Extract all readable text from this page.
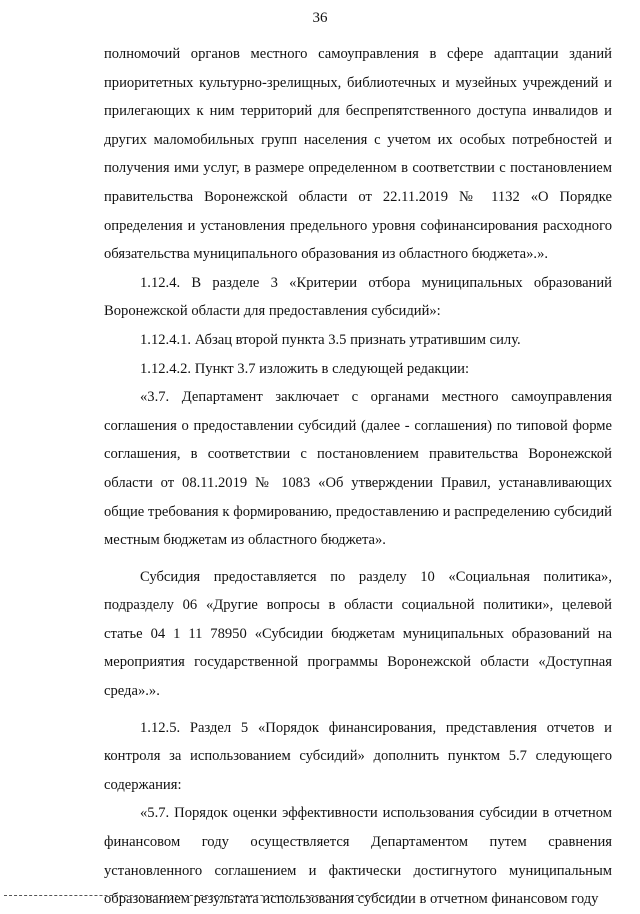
36

полномочий органов местного самоуправления в сфере адаптации зданий приоритетных культурно-зрелищных, библиотечных и музейных учреждений и прилегающих к ним территорий для беспрепятственного доступа инвалидов и других маломобильных групп населения с учетом их особых потребностей и получения ими услуг, в размере определенном в соответствии с постановлением правительства Воронежской области от 22.11.2019 № 1132 «О Порядке определения и установления предельного уровня софинансирования расходного обязательства муниципального образования из областного бюджета».».

1.12.4. В разделе 3 «Критерии отбора муниципальных образований Воронежской области для предоставления субсидий»:

1.12.4.1. Абзац второй пункта 3.5 признать утратившим силу.

1.12.4.2. Пункт 3.7 изложить в следующей редакции:

«3.7. Департамент заключает с органами местного самоуправления соглашения о предоставлении субсидий (далее - соглашения) по типовой форме соглашения, в соответствии с постановлением правительства Воронежской области от 08.11.2019 № 1083 «Об утверждении Правил, устанавливающих общие требования к формированию, предоставлению и распределению субсидий местным бюджетам из областного бюджета».

Субсидия предоставляется по разделу 10 «Социальная политика», подразделу 06 «Другие вопросы в области социальной политики», целевой статье 04 1 11 78950 «Субсидии бюджетам муниципальных образований на мероприятия государственной программы Воронежской области «Доступная среда».».

1.12.5. Раздел 5 «Порядок финансирования, представления отчетов и контроля за использованием субсидий» дополнить пунктом 5.7 следующего содержания:

«5.7. Порядок оценки эффективности использования субсидии в отчетном финансовом году осуществляется Департаментом путем сравнения установленного соглашением и фактически достигнутого муниципальным образованием результата использования субсидии в отчетном финансовом году
